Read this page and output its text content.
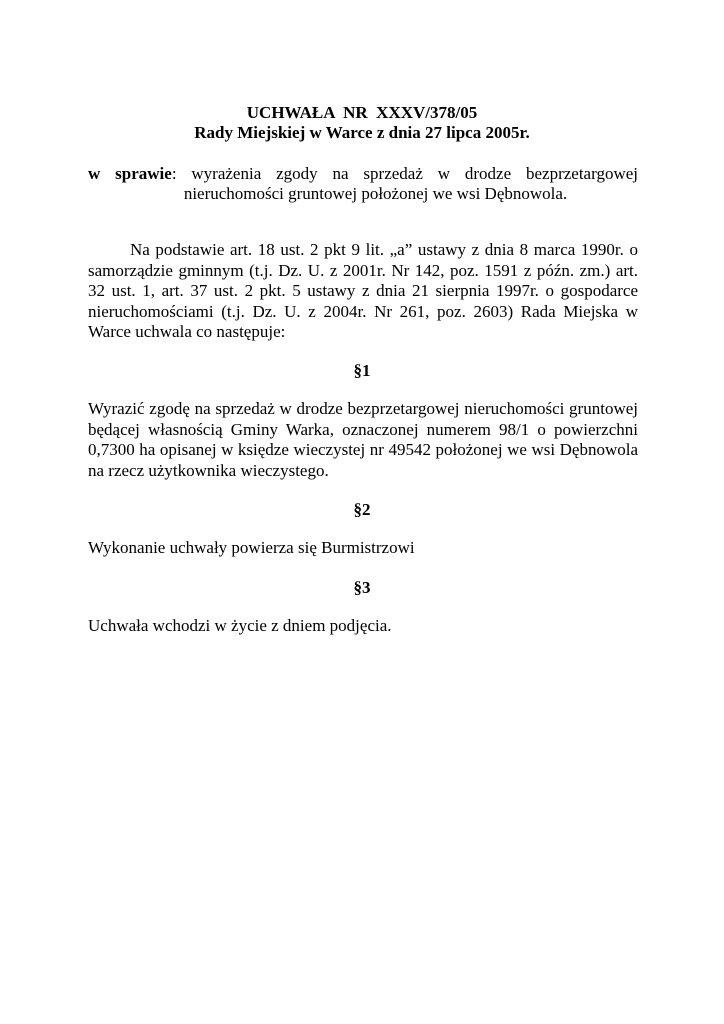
UCHWAŁA  NR  XXXV/378/05
Rady Miejskiej w Warce z dnia 27 lipca 2005r.
w sprawie: wyrażenia zgody na sprzedaż w drodze bezprzetargowej
nieruchomości gruntowej położonej we wsi Dębnowola.
Na podstawie art. 18 ust. 2 pkt 9 lit. „a” ustawy z dnia 8 marca 1990r. o
samorządzie gminnym (t.j. Dz. U. z 2001r. Nr 142, poz. 1591 z późn. zm.) art.
32 ust. 1, art. 37 ust. 2 pkt. 5 ustawy z dnia 21 sierpnia 1997r. o gospodarce
nieruchomościami (t.j. Dz. U. z 2004r. Nr 261, poz. 2603) Rada Miejska w
Warce uchwala co następuje:
§1
Wyrazić zgodę na sprzedaż w drodze bezprzetargowej nieruchomości gruntowej
będącej własnością Gminy Warka, oznaczonej numerem 98/1 o powierzchni
0,7300 ha opisanej w księdze wieczystej nr 49542 położonej we wsi Dębnowola
na rzecz użytkownika wieczystego.
§2
Wykonanie uchwały powierza się Burmistrzowi
§3
Uchwała wchodzi w życie z dniem podjęcia.
